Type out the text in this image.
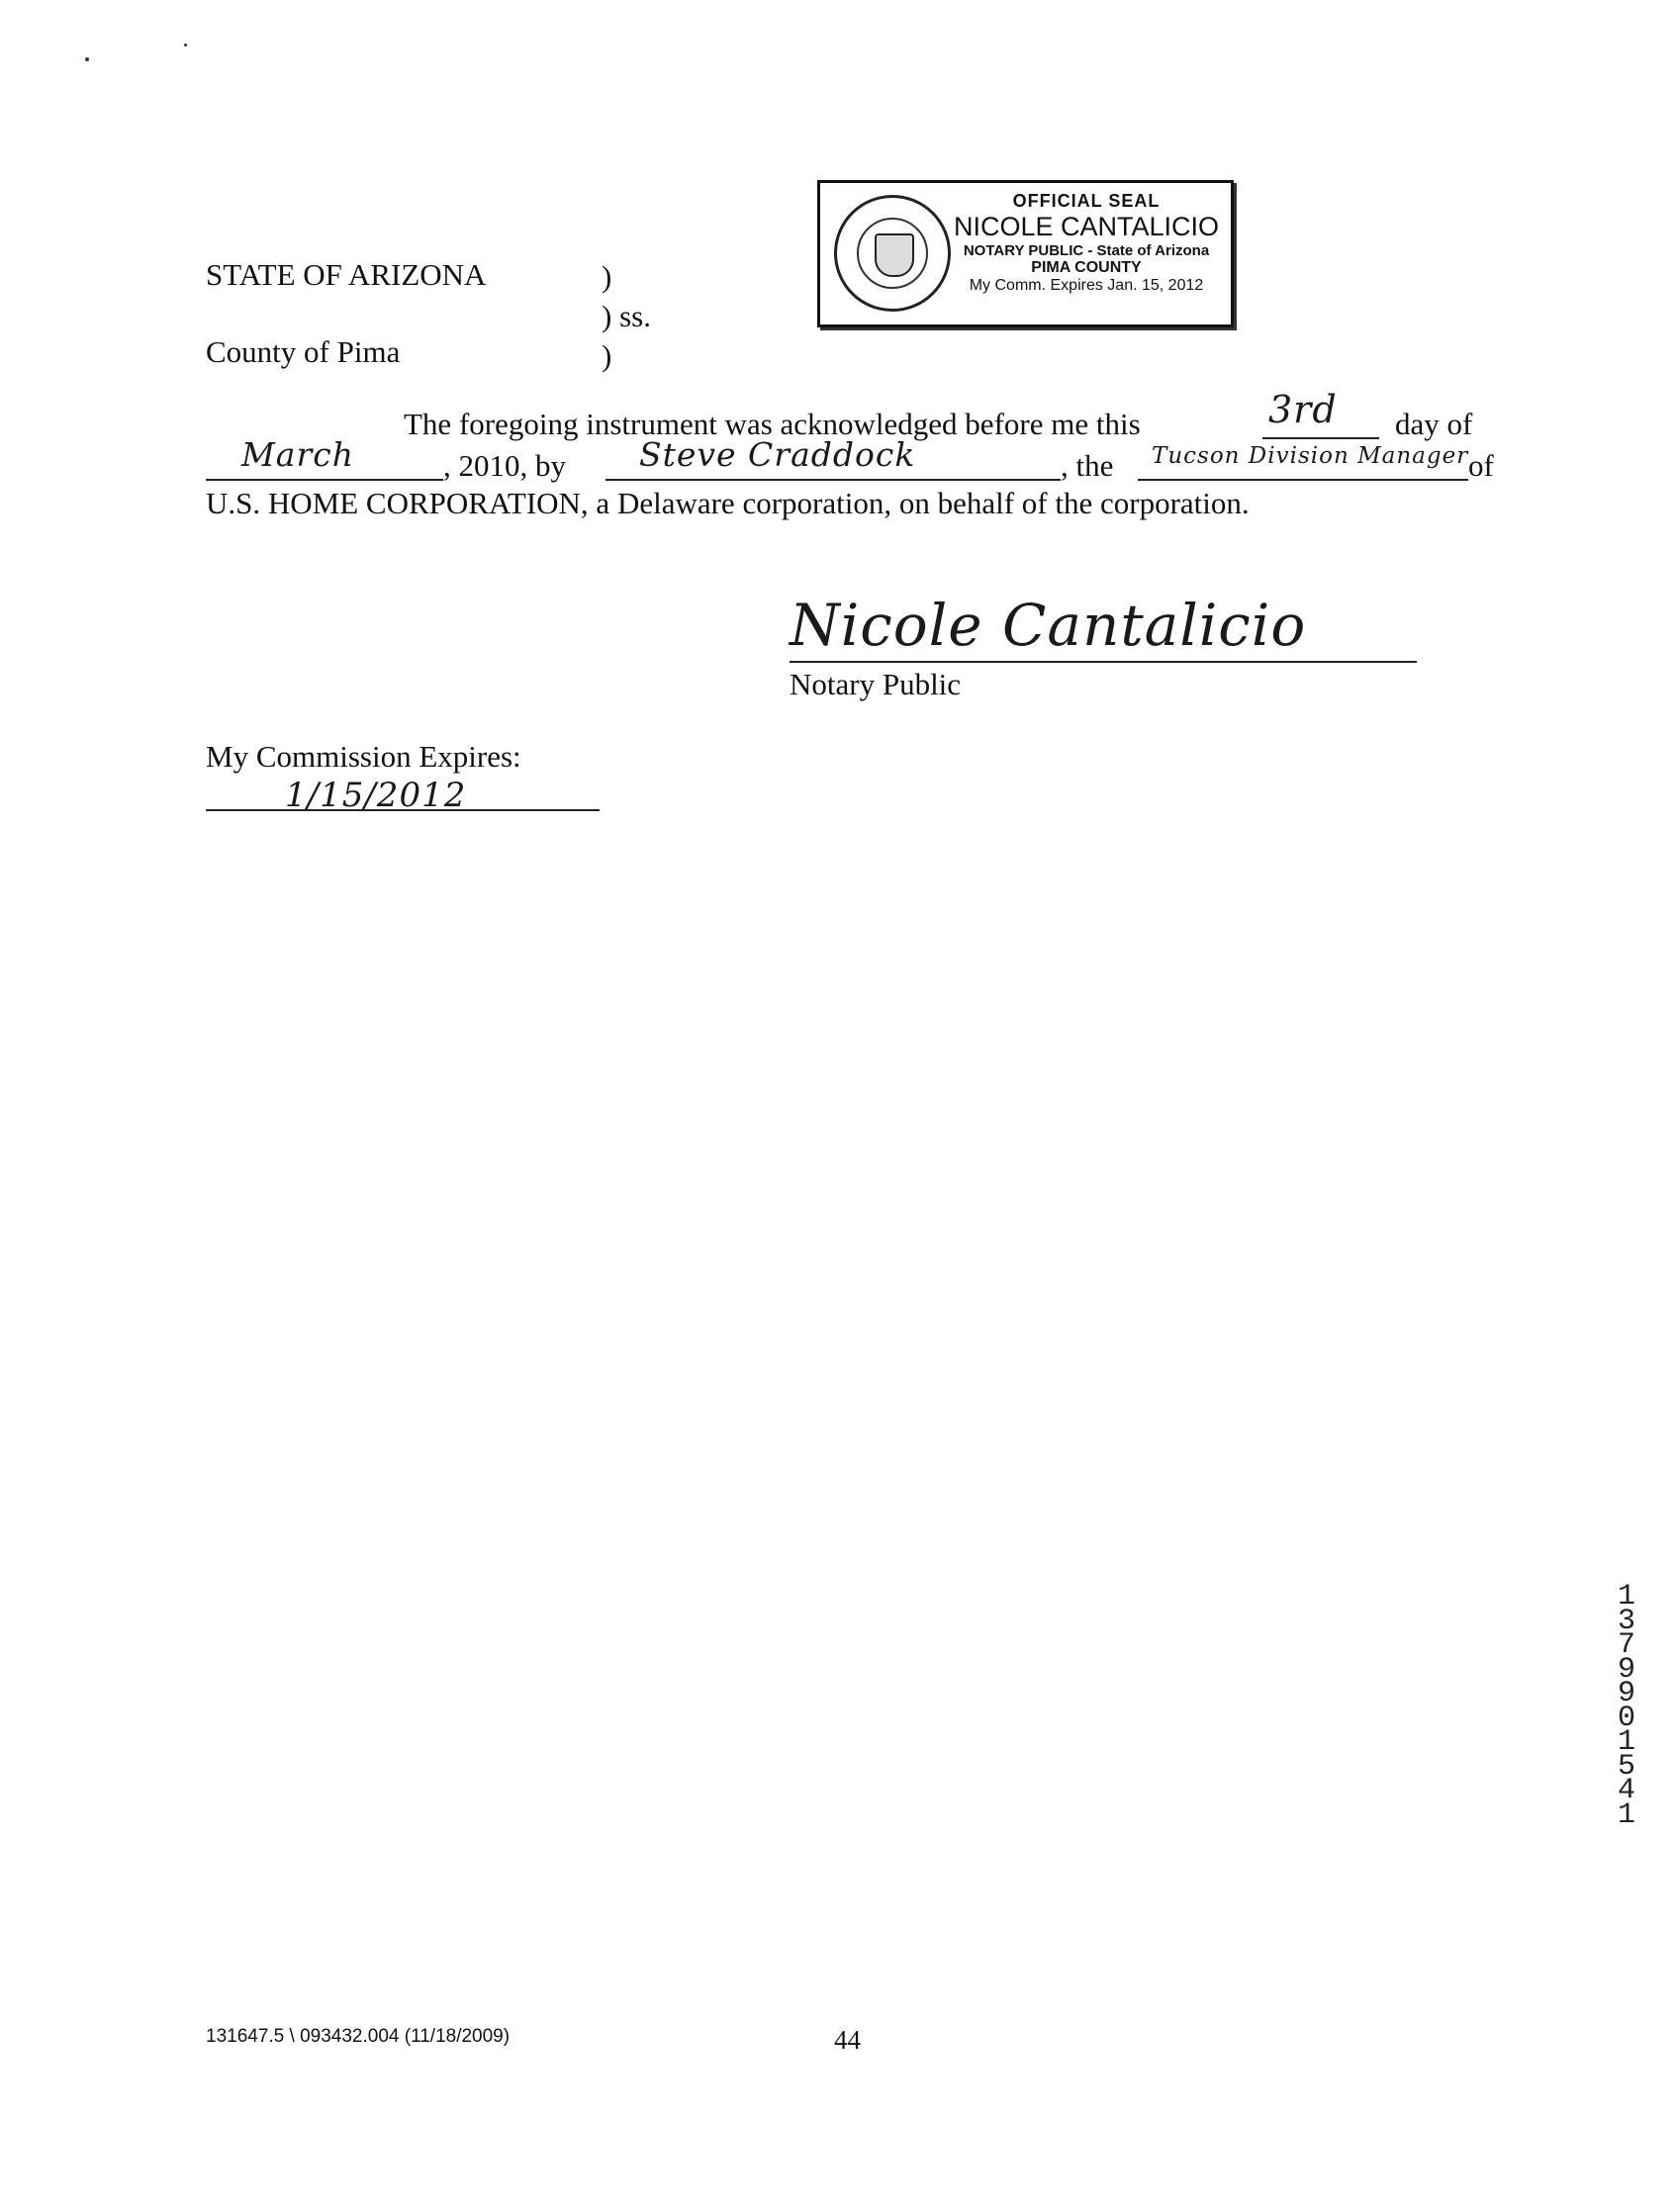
OFFICIAL SEAL
NICOLE CANTALICIO
NOTARY PUBLIC - State of Arizona
PIMA COUNTY
My Comm. Expires Jan. 15, 2012
STATE OF ARIZONA	)
) ss.
County of Pima	)
The foregoing instrument was acknowledged before me this	3rd day of
March	, 2010, by Steve Craddock	, the Tucson Division Manager of
U.S. HOME CORPORATION, a Delaware corporation, on behalf of the corporation.
Nicole Cantalicio
Notary Public
My Commission Expires:
1/15/2012
1
3
7
9
9
0
1
5
4
1
131647.5 \ 093432.004 (11/18/2009)	44
